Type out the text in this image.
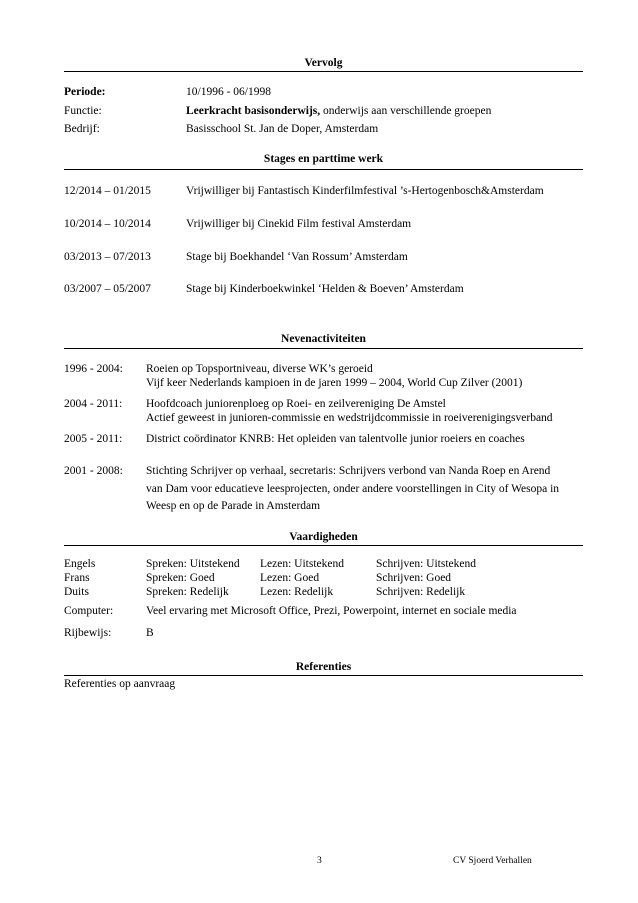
Vervolg
Periode:	10/1996 - 06/1998
Functie:	Leerkracht basisonderwijs, onderwijs aan verschillende groepen
Bedrijf:	Basisschool St. Jan de Doper, Amsterdam
Stages en parttime werk
12/2014 – 01/2015	Vrijwilliger bij Fantastisch Kinderfilmfestival ’s-Hertogenbosch&Amsterdam
10/2014 – 10/2014	Vrijwilliger bij Cinekid Film festival Amsterdam
03/2013 – 07/2013	Stage bij Boekhandel ‘Van Rossum’ Amsterdam
03/2007 – 05/2007	Stage bij Kinderboekwinkel ‘Helden & Boeven’ Amsterdam
Nevenactiviteiten
1996 - 2004: Roeien op Topsportniveau, diverse WK’s geroeid
Vijf keer Nederlands kampioen in de jaren 1999 – 2004, World Cup Zilver (2001)
2004 - 2011: Hoofdcoach juniorenploeg op Roei- en zeilvereniging De Amstel
Actief geweest in junioren-commissie en wedstrijdcommissie in roeiverenigingsverband
2005 - 2011: District coördinator KNRB: Het opleiden van talentvolle junior roeiers en coaches
2001 - 2008: Stichting Schrijver op verhaal, secretaris: Schrijvers verbond van Nanda Roep en Arend
van Dam voor educatieve leesprojecten, onder andere voorstellingen in City of Wesopa in
Weesp en op de Parade in Amsterdam
Vaardigheden
Engels	Spreken: Uitstekend Lezen: Uitstekend	Schrijven: Uitstekend
Frans	Spreken: Goed	Lezen: Goed	Schrijven: Goed
Duits	Spreken: Redelijk	Lezen: Redelijk	Schrijven: Redelijk
Computer:	Veel ervaring met Microsoft Office, Prezi, Powerpoint, internet en sociale media
Rijbewijs:	B
Referenties
Referenties op aanvraag
3	CV Sjoerd Verhallen
